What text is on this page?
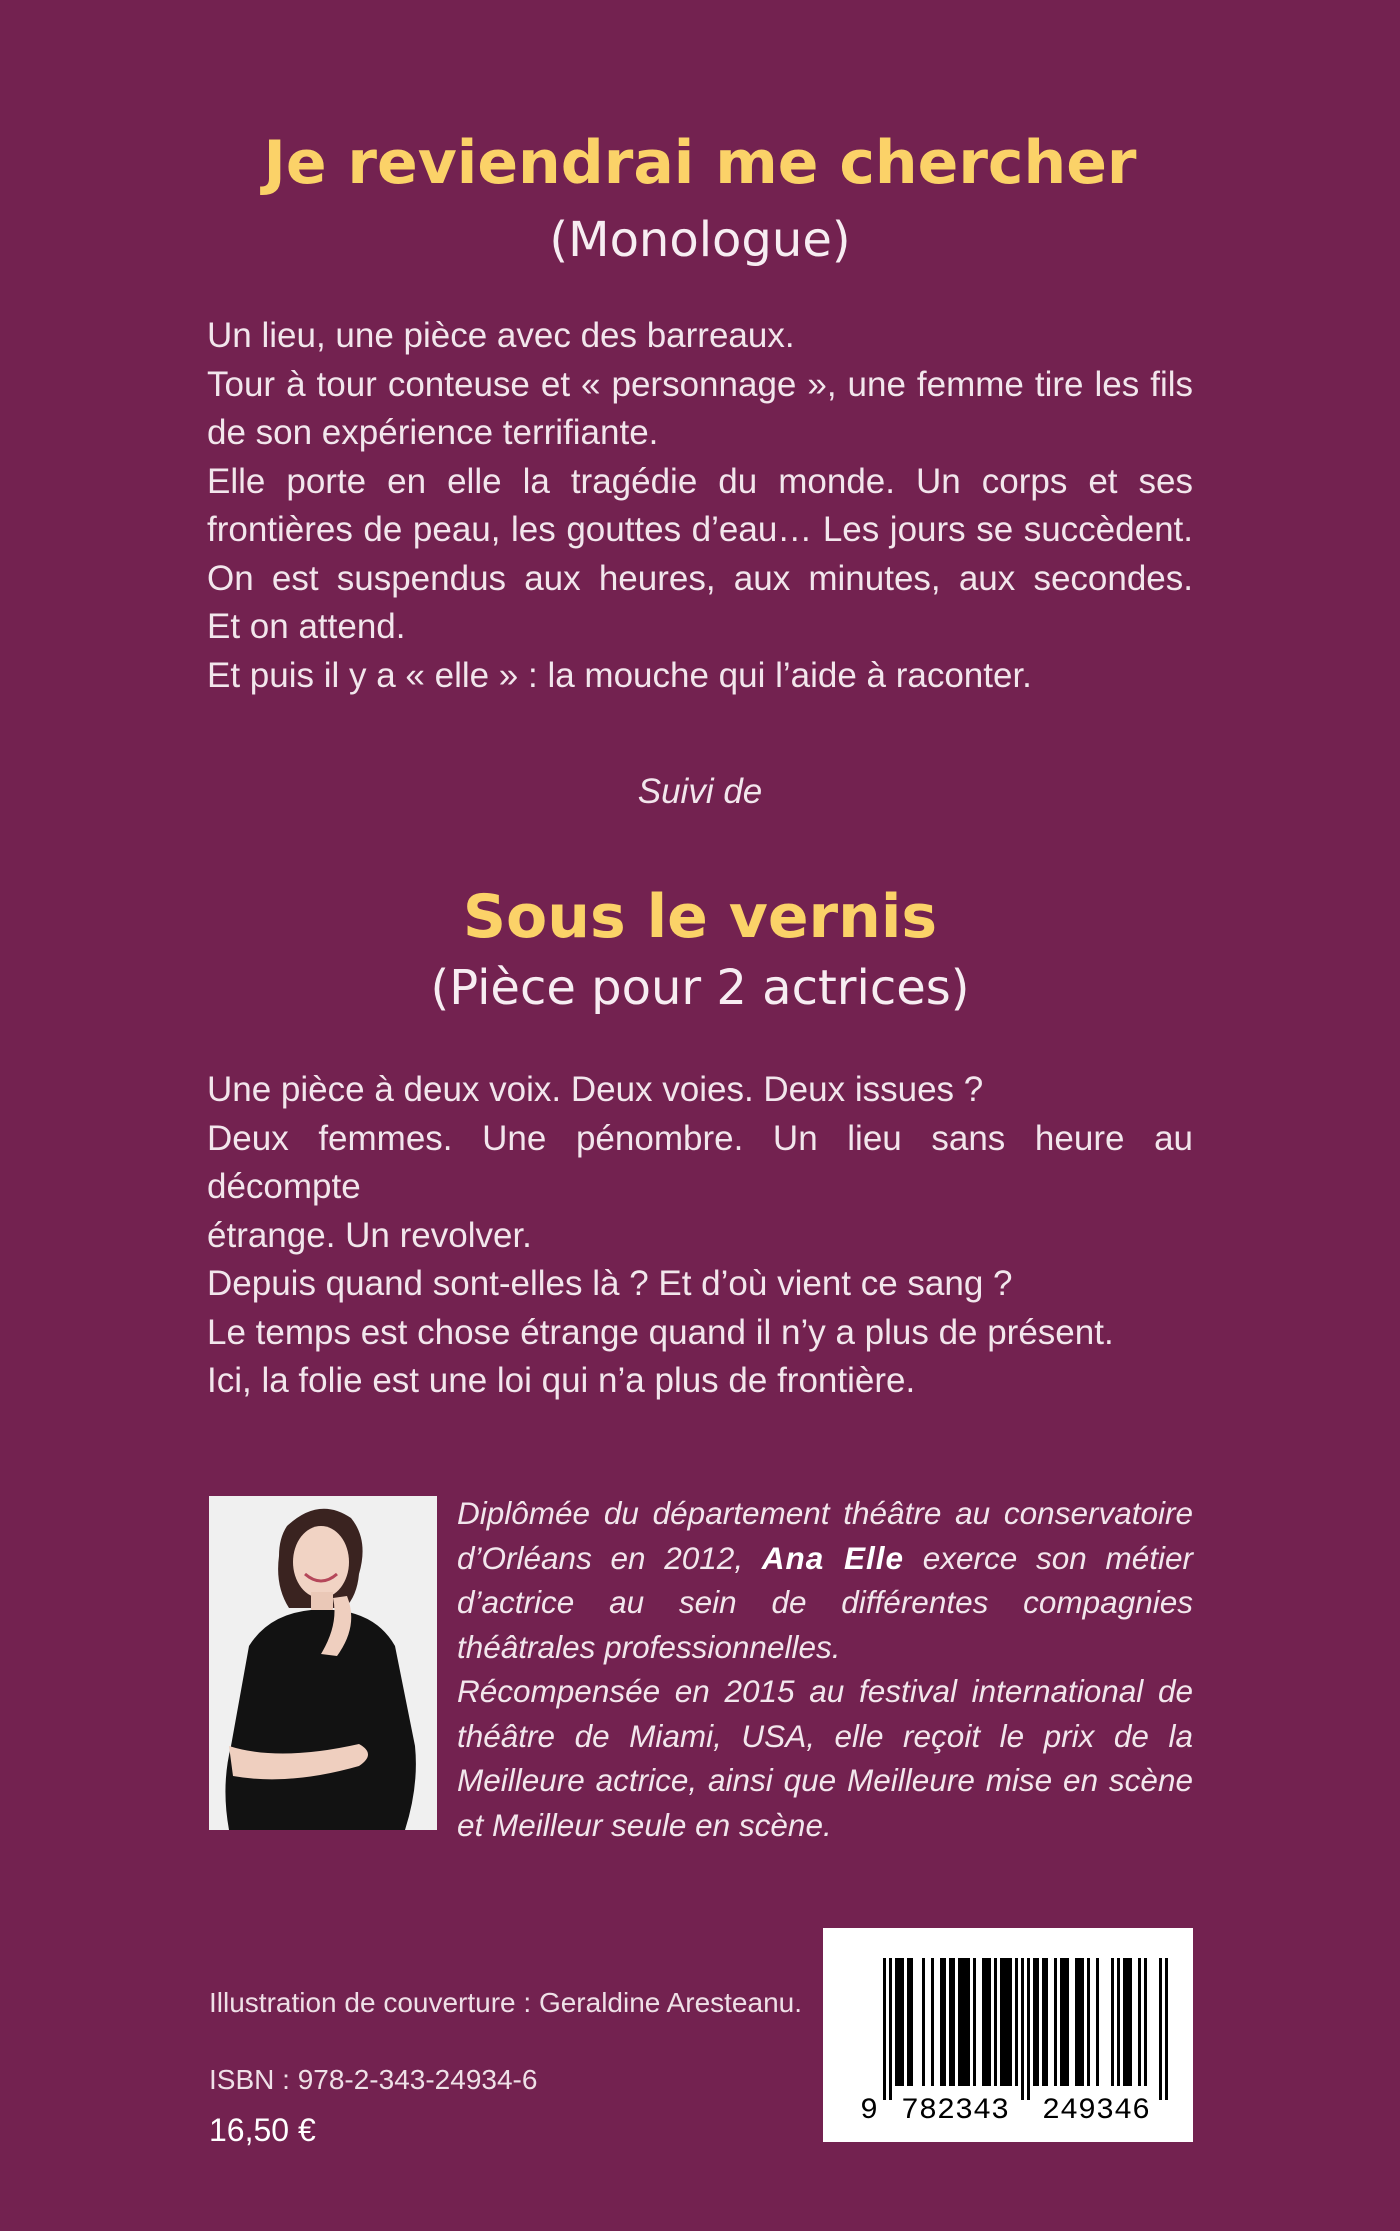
Je reviendrai me chercher
(Monologue)

Un lieu, une pièce avec des barreaux.

Tour à tour conteuse et « personnage », une femme tire les fils

de son expérience terrifiante.

Elle porte en elle la tragédie du monde. Un corps et ses

frontières de peau, les gouttes d’eau… Les jours se succèdent.

On est suspendus aux heures, aux minutes, aux secondes.

Et on attend.

Et puis il y a « elle » : la mouche qui l’aide à raconter.

Suivi de
Sous le vernis
(Pièce pour 2 actrices)

Une pièce à deux voix. Deux voies. Deux issues ?

Deux femmes. Une pénombre. Un lieu sans heure au décompte

étrange. Un revolver.

Depuis quand sont-elles là ? Et d’où vient ce sang ?

Le temps est chose étrange quand il n’y a plus de présent.

Ici, la folie est une loi qui n’a plus de frontière.

Diplômée du département théâtre au conservatoire d’Orléans en 2012, Ana Elle exerce son métier d’actrice au sein de différentes compagnies théâtrales professionnelles.

Récompensée en 2015 au festival international de théâtre de Miami, USA, elle reçoit le prix de la Meilleure actrice, ainsi que Meilleure mise en scène et Meilleur seule en scène.

Illustration de couverture : Geraldine Aresteanu.
ISBN : 978-2-343-24934-6
16,50 €
9 782343 249346
